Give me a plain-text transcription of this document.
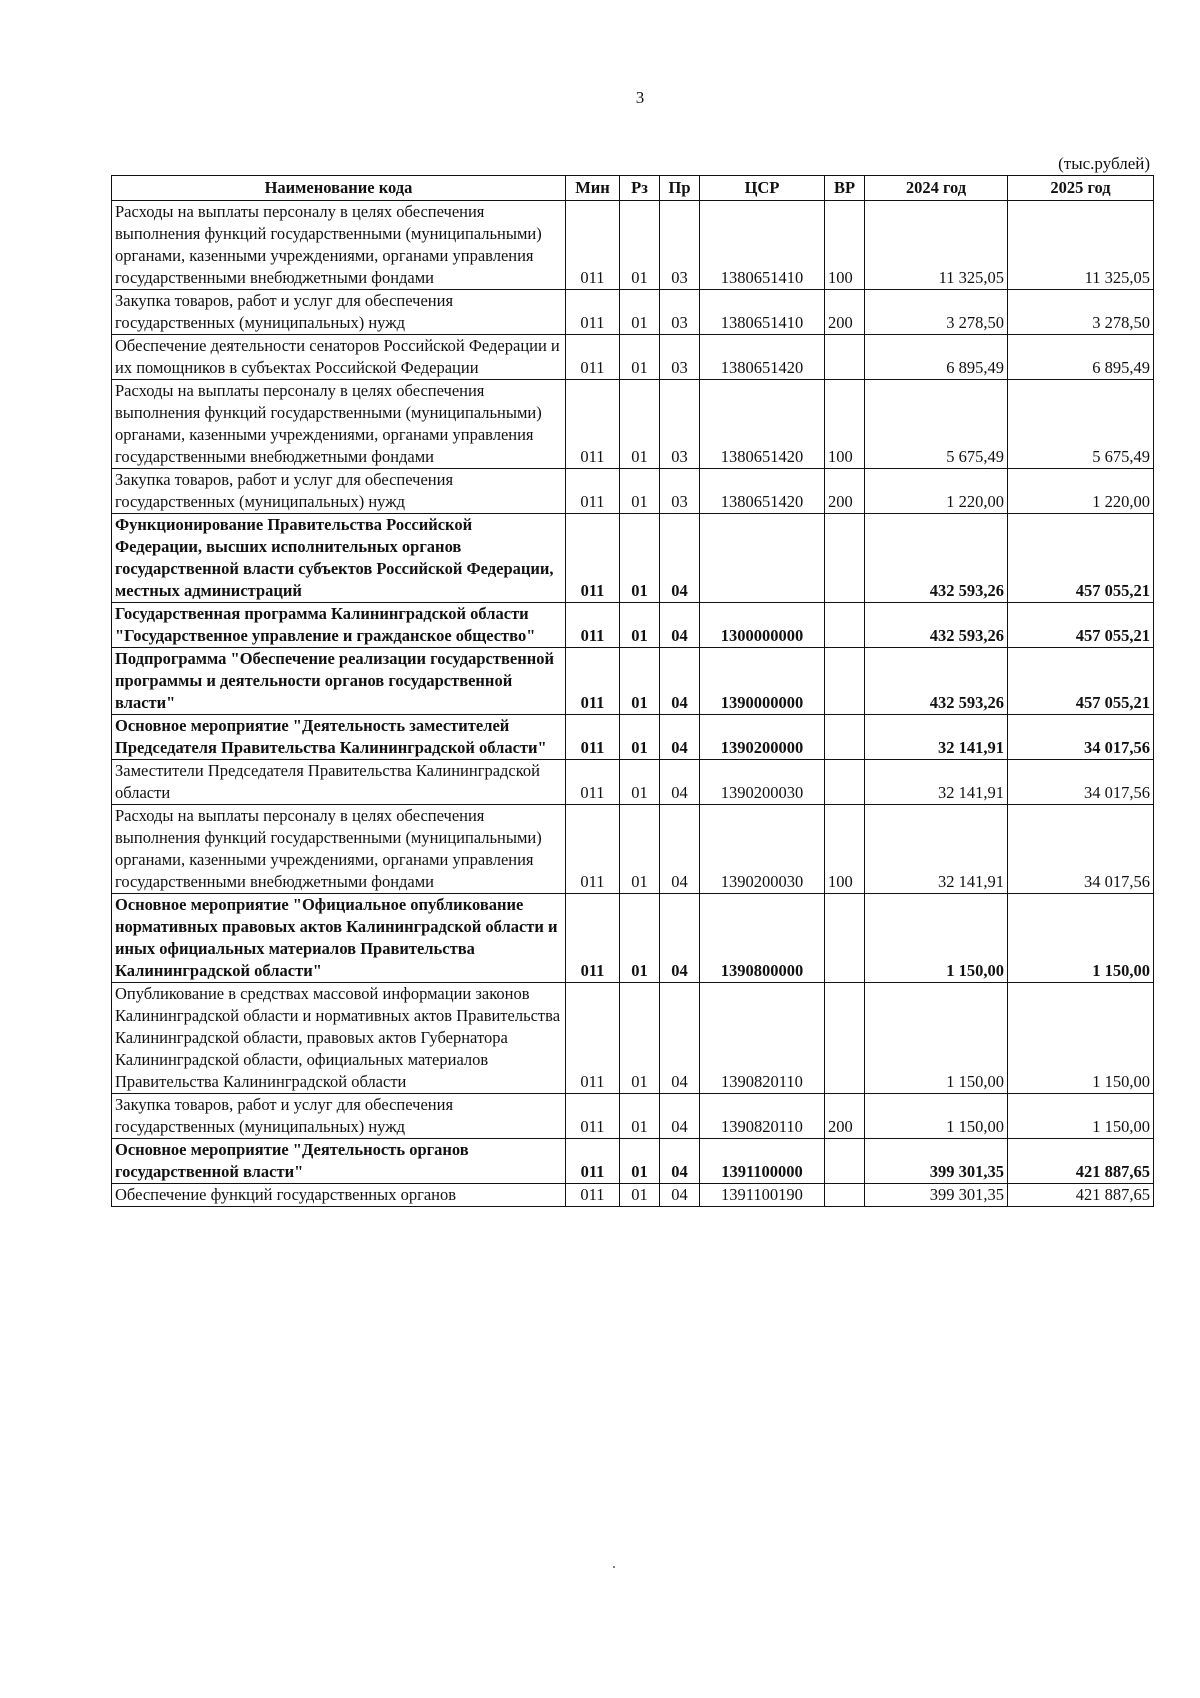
3
(тыс.рублей)
Наименование кода	Мин	Рз	Пр	ЦСР	ВР	2024 год	2025 год
Расходы на выплаты персоналу в целях обеспечения выполнения функций государственными (муниципальными) органами, казенными учреждениями, органами управления государственными внебюджетными фондами	011	01	03	1380651410	100	11 325,05	11 325,05
Закупка товаров, работ и услуг для обеспечения государственных (муниципальных) нужд	011	01	03	1380651410	200	3 278,50	3 278,50
Обеспечение деятельности сенаторов Российской Федерации и их помощников в субъектах Российской Федерации	011	01	03	1380651420		6 895,49	6 895,49
Расходы на выплаты персоналу в целях обеспечения выполнения функций государственными (муниципальными) органами, казенными учреждениями, органами управления государственными внебюджетными фондами	011	01	03	1380651420	100	5 675,49	5 675,49
Закупка товаров, работ и услуг для обеспечения государственных (муниципальных) нужд	011	01	03	1380651420	200	1 220,00	1 220,00
Функционирование Правительства Российской Федерации, высших исполнительных органов государственной власти субъектов Российской Федерации, местных администраций	011	01	04			432 593,26	457 055,21
Государственная программа Калининградской области "Государственное управление и гражданское общество"	011	01	04	1300000000		432 593,26	457 055,21
Подпрограмма "Обеспечение реализации государственной программы и деятельности органов государственной власти"	011	01	04	1390000000		432 593,26	457 055,21
Основное мероприятие "Деятельность заместителей Председателя Правительства Калининградской области"	011	01	04	1390200000		32 141,91	34 017,56
Заместители Председателя Правительства Калининградской области	011	01	04	1390200030		32 141,91	34 017,56
Расходы на выплаты персоналу в целях обеспечения выполнения функций государственными (муниципальными) органами, казенными учреждениями, органами управления государственными внебюджетными фондами	011	01	04	1390200030	100	32 141,91	34 017,56
Основное мероприятие "Официальное опубликование нормативных правовых актов Калининградской области и иных официальных материалов Правительства Калининградской области"	011	01	04	1390800000		1 150,00	1 150,00
Опубликование в средствах массовой информации законов Калининградской области и нормативных актов Правительства Калининградской области, правовых актов Губернатора Калининградской области, официальных материалов Правительства Калининградской области	011	01	04	1390820110		1 150,00	1 150,00
Закупка товаров, работ и услуг для обеспечения государственных (муниципальных) нужд	011	01	04	1390820110	200	1 150,00	1 150,00
Основное мероприятие "Деятельность органов государственной власти"	011	01	04	1391100000		399 301,35	421 887,65
Обеспечение функций государственных органов	011	01	04	1391100190		399 301,35	421 887,65
